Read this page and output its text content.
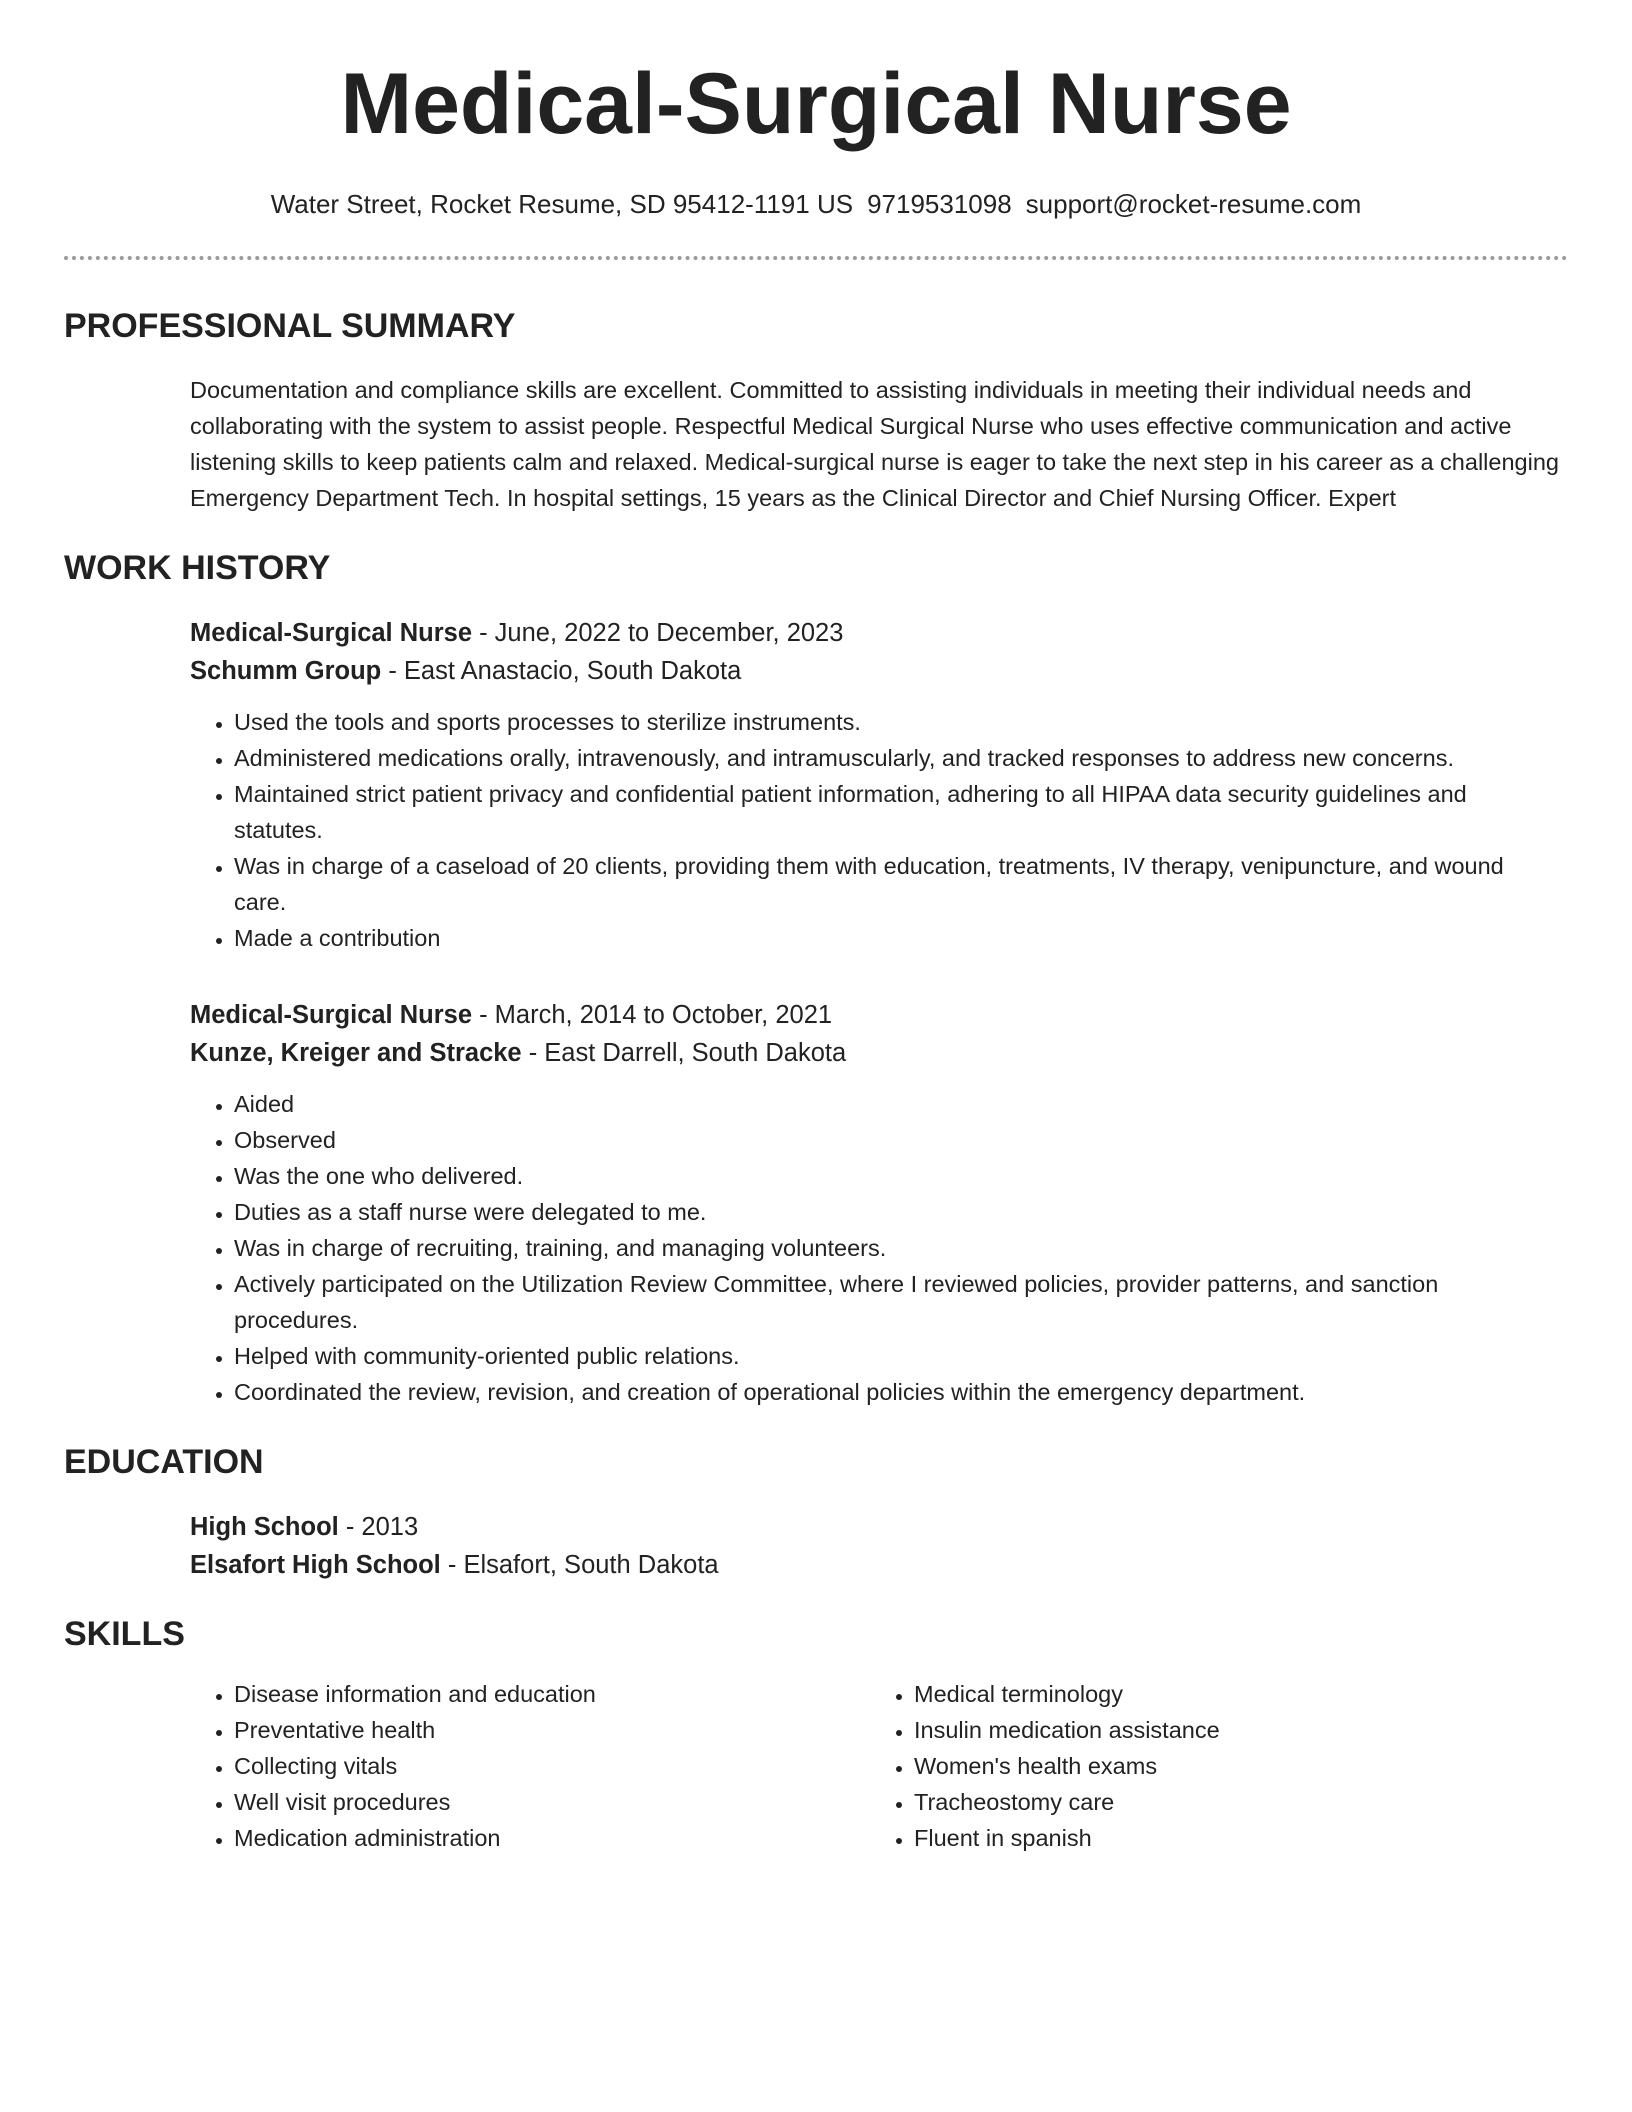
Medical-Surgical Nurse
Water Street, Rocket Resume, SD 95412-1191 US 9719531098 support@rocket-resume.com
PROFESSIONAL SUMMARY
Documentation and compliance skills are excellent. Committed to assisting individuals in meeting their individual needs and collaborating with the system to assist people. Respectful Medical Surgical Nurse who uses effective communication and active listening skills to keep patients calm and relaxed. Medical-surgical nurse is eager to take the next step in his career as a challenging Emergency Department Tech. In hospital settings, 15 years as the Clinical Director and Chief Nursing Officer. Expert
WORK HISTORY
Medical-Surgical Nurse - June, 2022 to December, 2023
Schumm Group - East Anastacio, South Dakota
• Used the tools and sports processes to sterilize instruments.
• Administered medications orally, intravenously, and intramuscularly, and tracked responses to address new concerns.
• Maintained strict patient privacy and confidential patient information, adhering to all HIPAA data security guidelines and statutes.
• Was in charge of a caseload of 20 clients, providing them with education, treatments, IV therapy, venipuncture, and wound care.
• Made a contribution
Medical-Surgical Nurse - March, 2014 to October, 2021
Kunze, Kreiger and Stracke - East Darrell, South Dakota
• Aided
• Observed
• Was the one who delivered.
• Duties as a staff nurse were delegated to me.
• Was in charge of recruiting, training, and managing volunteers.
• Actively participated on the Utilization Review Committee, where I reviewed policies, provider patterns, and sanction procedures.
• Helped with community-oriented public relations.
• Coordinated the review, revision, and creation of operational policies within the emergency department.
EDUCATION
High School - 2013
Elsafort High School - Elsafort, South Dakota
SKILLS
• Disease information and education
• Preventative health
• Collecting vitals
• Well visit procedures
• Medication administration
• Medical terminology
• Insulin medication assistance
• Women's health exams
• Tracheostomy care
• Fluent in spanish
